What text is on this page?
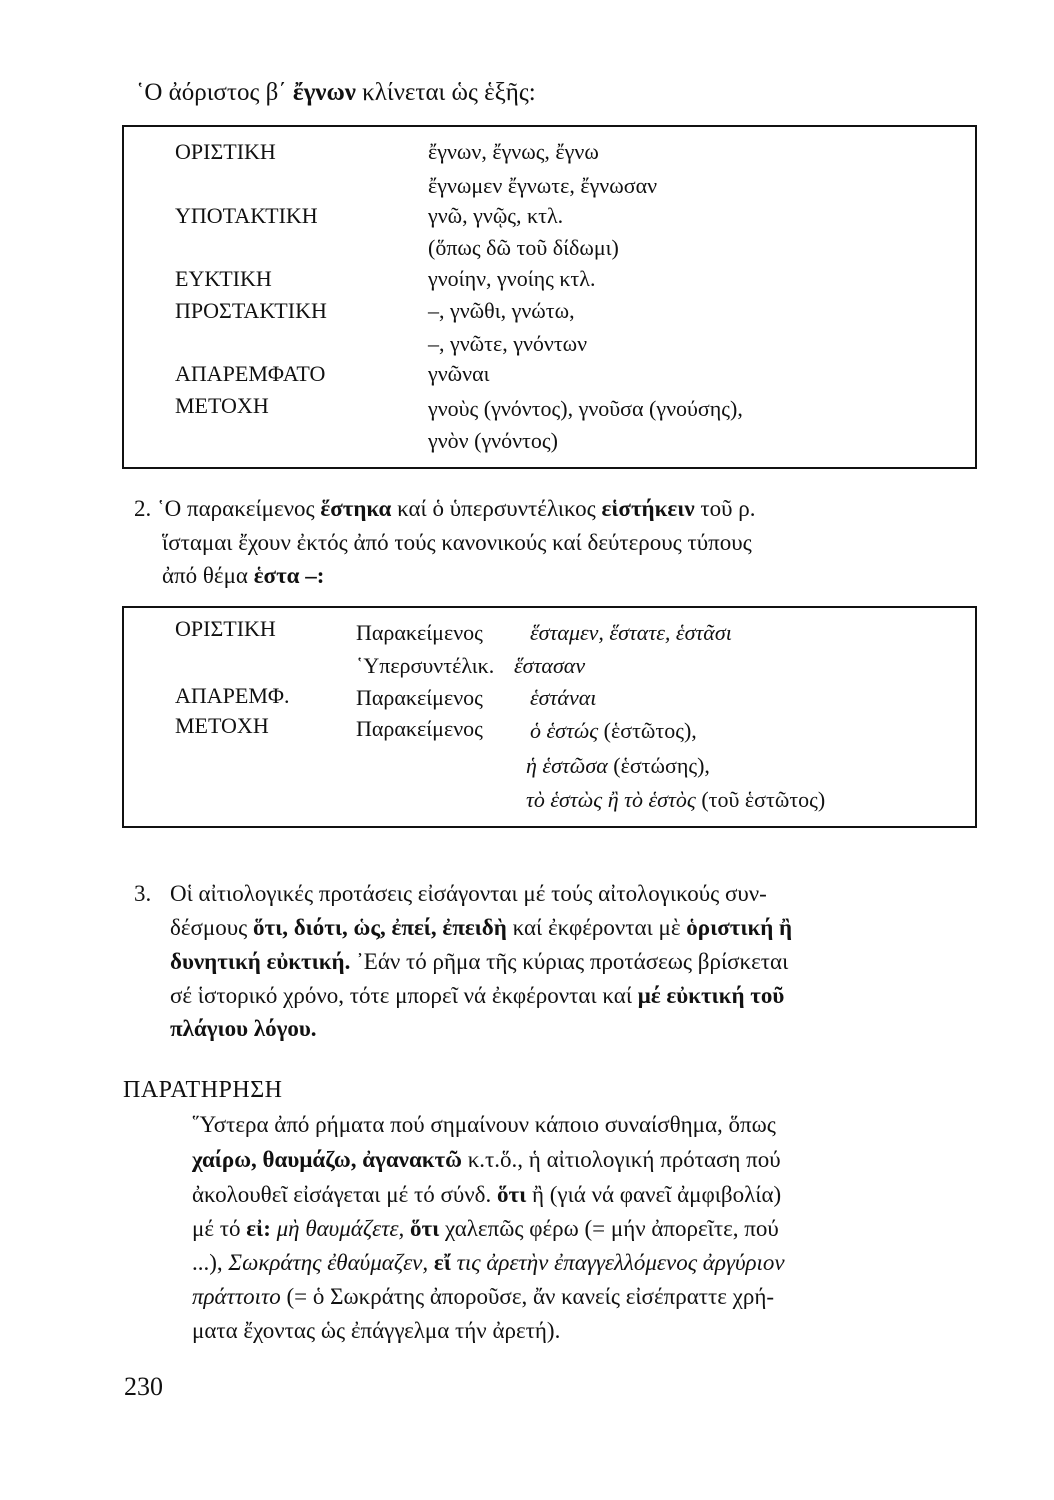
῾Ο ἀόριστος β΄ ἔγνων κλίνεται ὡς ἑξῆς:
ΟΡΙΣΤΙΚΗ	ἔγνων, ἔγνως, ἔγνω
ἔγνωμεν ἔγνωτε, ἔγνωσαν
ΥΠΟΤΑΚΤΙΚΗ	γνῶ, γνῷς, κτλ.
(ὅπως δῶ τοῦ δίδωμι)
ΕΥΚΤΙΚΗ	γνοίην, γνοίης κτλ.
ΠΡΟΣΤΑΚΤΙΚΗ	–, γνῶθι, γνώτω,
–, γνῶτε, γνόντων
ΑΠΑΡΕΜΦΑΤΟ	γνῶναι
ΜΕΤΟΧΗ	γνοὺς (γνόντος), γνοῦσα (γνούσης),
γνὸν (γνόντος)
2. ῾Ο παρακείμενος ἕστηκα καί ὁ ὑπερσυντέλικος εἱστήκειν τοῦ ρ.
ἵσταμαι ἔχουν ἐκτός ἀπό τούς κανονικούς καί δεύτερους τύπους
ἀπό θέμα ἑστα –:
ΟΡΙΣΤΙΚΗ	Παρακείμενος ἕσταμεν, ἕστατε, ἑστᾶσι
῾Υπερσυντέλικ. ἕστασαν
ΑΠΑΡΕΜΦ.	Παρακείμενος ἑστάναι
ΜΕΤΟΧΗ	Παρακείμενος ὁ ἑστώς (ἑστῶτος),
ἡ ἑστῶσα (ἑστώσης),
τὸ ἑστὼς ἢ τὸ ἑστὸς (τοῦ ἑστῶτος)
3. Οἱ αἰτιολογικές προτάσεις εἰσάγονται μέ τούς αἰτολογικούς συν-
δέσμους ὅτι, διότι, ὡς, ἐπεί, ἐπειδὴ καί ἐκφέρονται μὲ ὁριστική ἢ
δυνητική εὐκτική. ᾿Εάν τό ρῆμα τῆς κύριας προτάσεως βρίσκεται
σέ ἱστορικό χρόνο, τότε μπορεῖ νά ἐκφέρονται καί μέ εὐκτική τοῦ
πλάγιου λόγου.
ΠΑΡΑΤΗΡΗΣΗ
῞Υστερα ἀπό ρήματα πού σημαίνουν κάποιο συναίσθημα, ὅπως
χαίρω, θαυμάζω, ἀγανακτῶ κ.τ.ὅ., ἡ αἰτιολογική πρόταση πού
ἀκολουθεῖ εἰσάγεται μέ τό σύνδ. ὅτι ἢ (γιά νά φανεῖ ἀμφιβολία)
μέ τό εἰ: μὴ θαυμάζετε, ὅτι χαλεπῶς φέρω (= μήν ἀπορεῖτε, πού
...), Σωκράτης ἐθαύμαζεν, εἴ τις ἀρετὴν ἐπαγγελλόμενος ἀργύριον
πράττοιτο (= ὁ Σωκράτης ἀποροῦσε, ἄν κανείς εἰσέπραττε χρή-
ματα ἔχοντας ὡς ἐπάγγελμα τήν ἀρετή).
230
